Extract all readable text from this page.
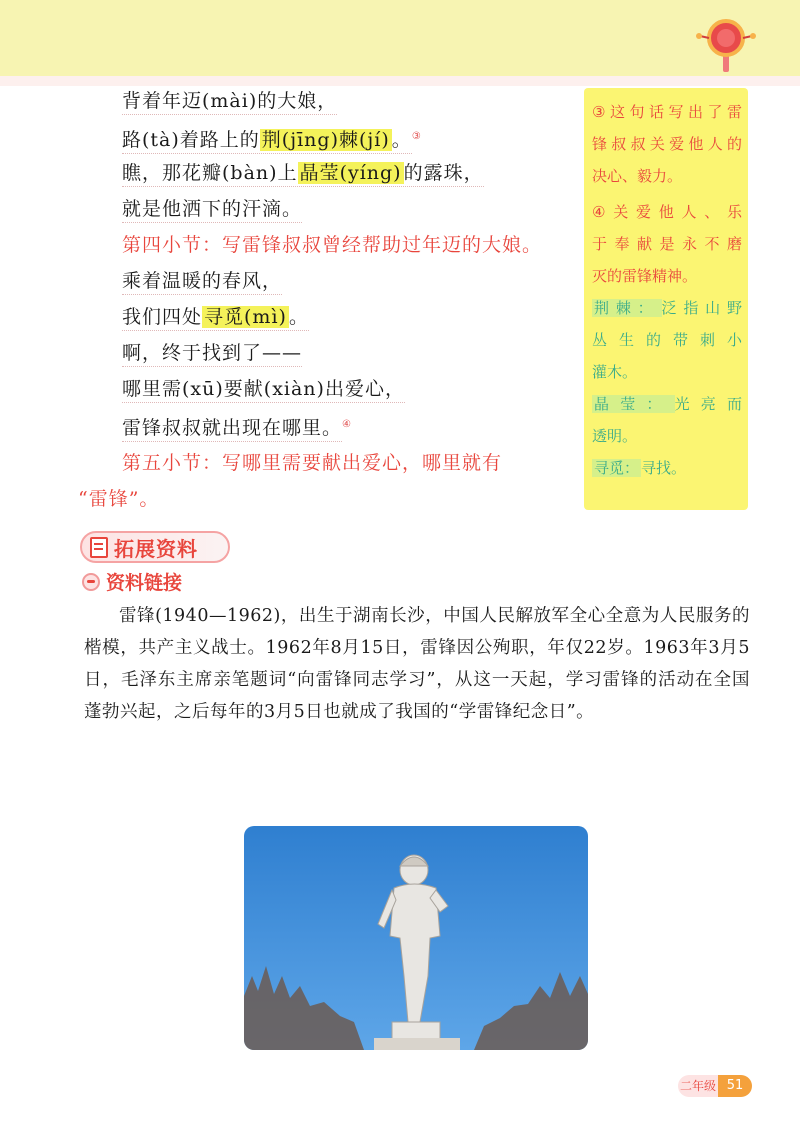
背着年迈(mài)的大娘，
路(tà)着路上的 荆(jīng)棘(jí) 。③
瞧，那花瓣(bàn)上 晶莹(yíng) 的露珠，
就是他洒下的汗滴。
第四小节：写雷锋叔叔曾经帮助过年迈的大娘。
乘着温暖的春风，
我们四处 寻觅(mì) 。
啊，终于找到了——
哪里需(xū)要献(xiàn)出爱心，
雷锋叔叔就出现在哪里。④
第五小节：写哪里需要献出爱心，哪里就有
“雷锋”。
③这句话写出了雷
锋叔叔关爱他人的
决心、毅力。
④关爱他人、乐
于奉献是永不磨
灭的雷锋精神。
荆棘： 泛指山野
丛生的带刺小
灌木。
晶莹： 光亮而
透明。
寻觅： 寻找。
拓展资料
资料链接
雷锋(1940—1962)，出生于湖南长沙，中国人民解放军全心全意为人民服务的楷模，共产主义战士。1962年8月15日，雷锋因公殉职，年仅22岁。1963年3月5日，毛泽东主席亲笔题词“向雷锋同志学习”，从这一天起，学习雷锋的活动在全国蓬勃兴起，之后每年的3月5日也就成了我国的“学雷锋纪念日”。
二年级 51
